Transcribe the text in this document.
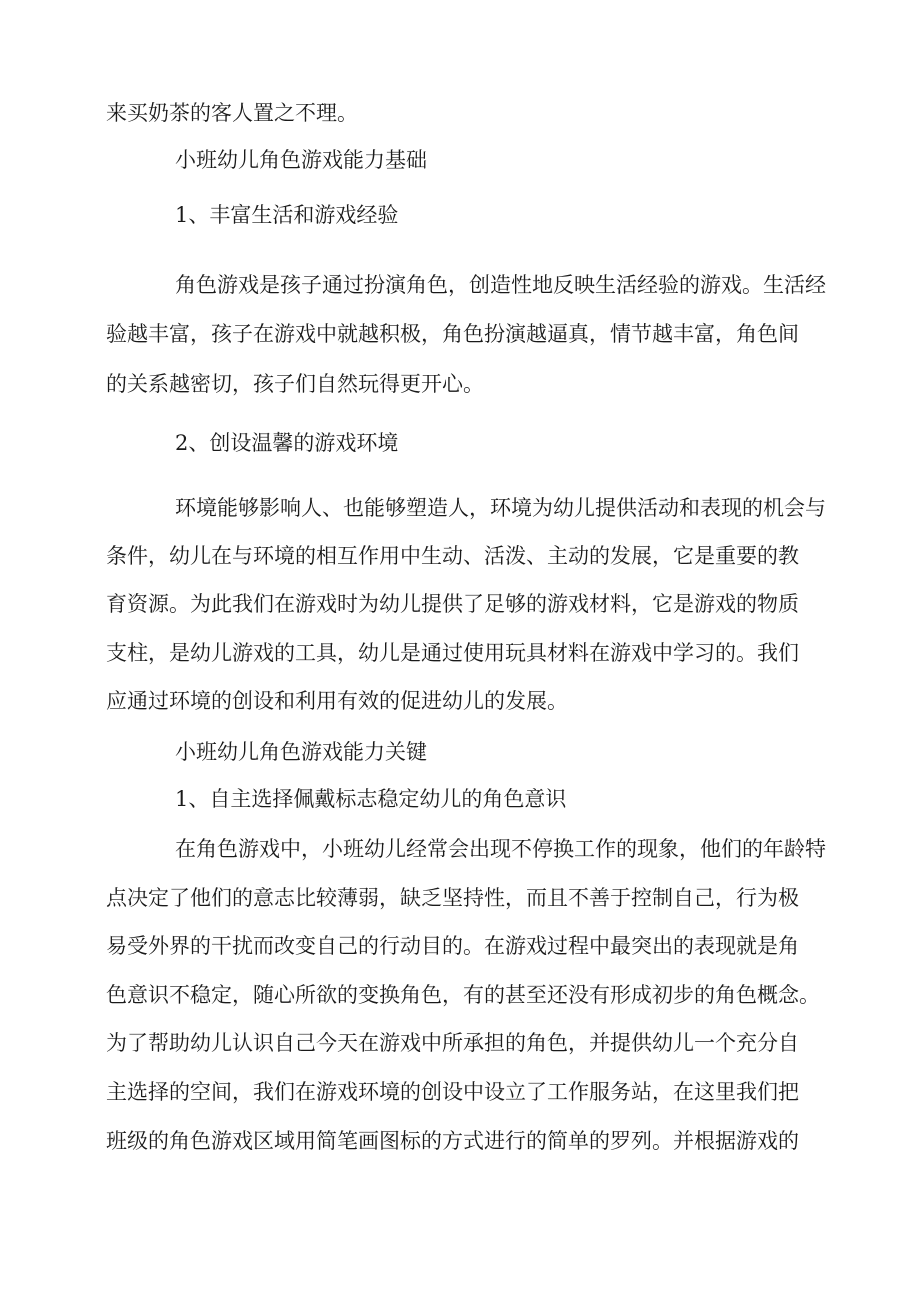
来买奶茶的客人置之不理。

小班幼儿角色游戏能力基础

1、丰富生活和游戏经验

角色游戏是孩子通过扮演角色，创造性地反映生活经验的游戏。生活经

验越丰富，孩子在游戏中就越积极，角色扮演越逼真，情节越丰富，角色间

的关系越密切，孩子们自然玩得更开心。

2、创设温馨的游戏环境

环境能够影响人、也能够塑造人，环境为幼儿提供活动和表现的机会与

条件，幼儿在与环境的相互作用中生动、活泼、主动的发展，它是重要的教

育资源。为此我们在游戏时为幼儿提供了足够的游戏材料，它是游戏的物质

支柱，是幼儿游戏的工具，幼儿是通过使用玩具材料在游戏中学习的。我们

应通过环境的创设和利用有效的促进幼儿的发展。

小班幼儿角色游戏能力关键

1、自主选择佩戴标志稳定幼儿的角色意识

在角色游戏中，小班幼儿经常会出现不停换工作的现象，他们的年龄特

点决定了他们的意志比较薄弱，缺乏坚持性，而且不善于控制自己，行为极

易受外界的干扰而改变自己的行动目的。在游戏过程中最突出的表现就是角

色意识不稳定，随心所欲的变换角色，有的甚至还没有形成初步的角色概念。

为了帮助幼儿认识自己今天在游戏中所承担的角色，并提供幼儿一个充分自

主选择的空间，我们在游戏环境的创设中设立了工作服务站，在这里我们把

班级的角色游戏区域用简笔画图标的方式进行的简单的罗列。并根据游戏的
